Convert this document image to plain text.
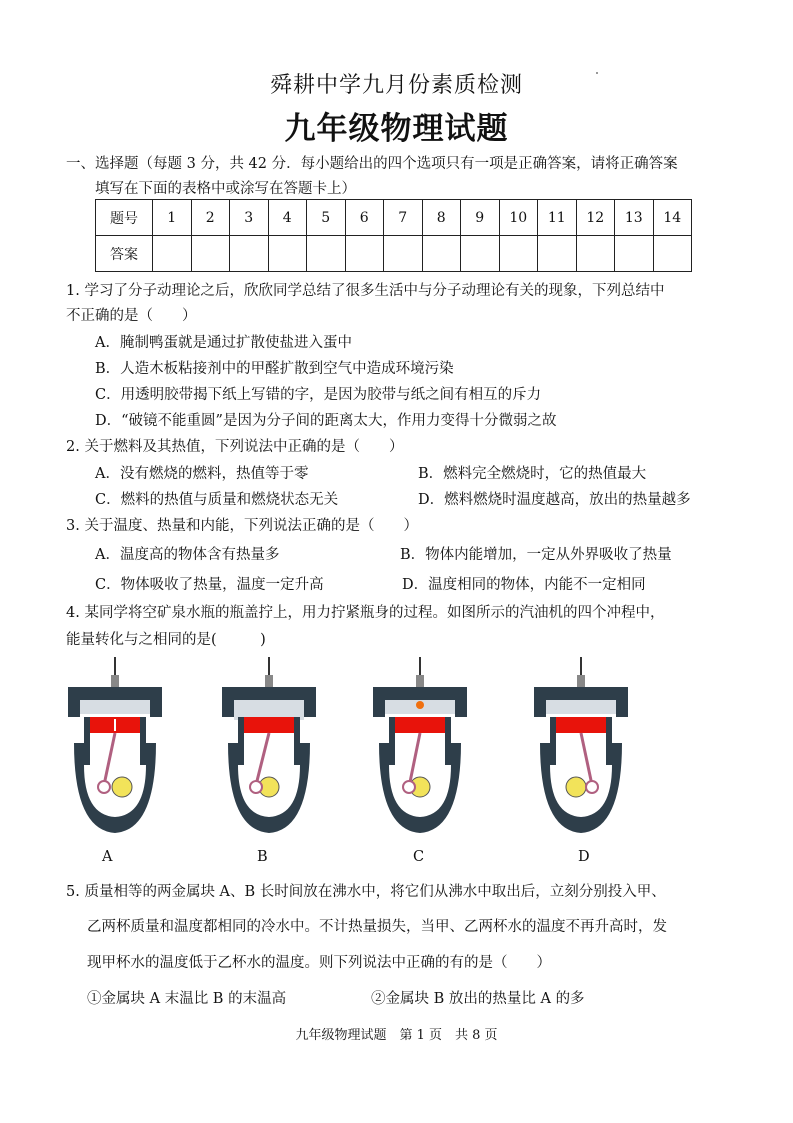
舜耕中学九月份素质检测
九年级物理试题
一、选择题（每题 3 分，共 42 分．每小题给出的四个选项只有一项是正确答案，请将正确答案
填写在下面的表格中或涂写在答题卡上）
题号	1	2	3	4	5	6	7	8	9	10	11	12	13	14
答案														
1. 学习了分子动理论之后，欣欣同学总结了很多生活中与分子动理论有关的现象，下列总结中
不正确的是（　　）
A．腌制鸭蛋就是通过扩散使盐进入蛋中
B．人造木板粘接剂中的甲醛扩散到空气中造成环境污染
C．用透明胶带揭下纸上写错的字，是因为胶带与纸之间有相互的斥力
D．“破镜不能重圆”是因为分子间的距离太大，作用力变得十分微弱之故
2. 关于燃料及其热值，下列说法中正确的是（　　）
A．没有燃烧的燃料，热值等于零	B．燃料完全燃烧时，它的热值最大
C．燃料的热值与质量和燃烧状态无关	D．燃料燃烧时温度越高，放出的热量越多
3. 关于温度、热量和内能，下列说法正确的是（　　）
A．温度高的物体含有热量多	B．物体内能增加，一定从外界吸收了热量
C．物体吸收了热量，温度一定升高	D．温度相同的物体，内能不一定相同
4. 某同学将空矿泉水瓶的瓶盖拧上，用力拧紧瓶身的过程。如图所示的汽油机的四个冲程中，
能量转化与之相同的是(　　　)
A	B	C	D
5. 质量相等的两金属块 A、B 长时间放在沸水中，将它们从沸水中取出后，立刻分别投入甲、
乙两杯质量和温度都相同的冷水中。不计热量损失，当甲、乙两杯水的温度不再升高时，发
现甲杯水的温度低于乙杯水的温度。则下列说法中正确的有的是（　　）
①金属块 A 末温比 B 的末温高	②金属块 B 放出的热量比 A 的多
九年级物理试题　第 1 页　共 8 页
